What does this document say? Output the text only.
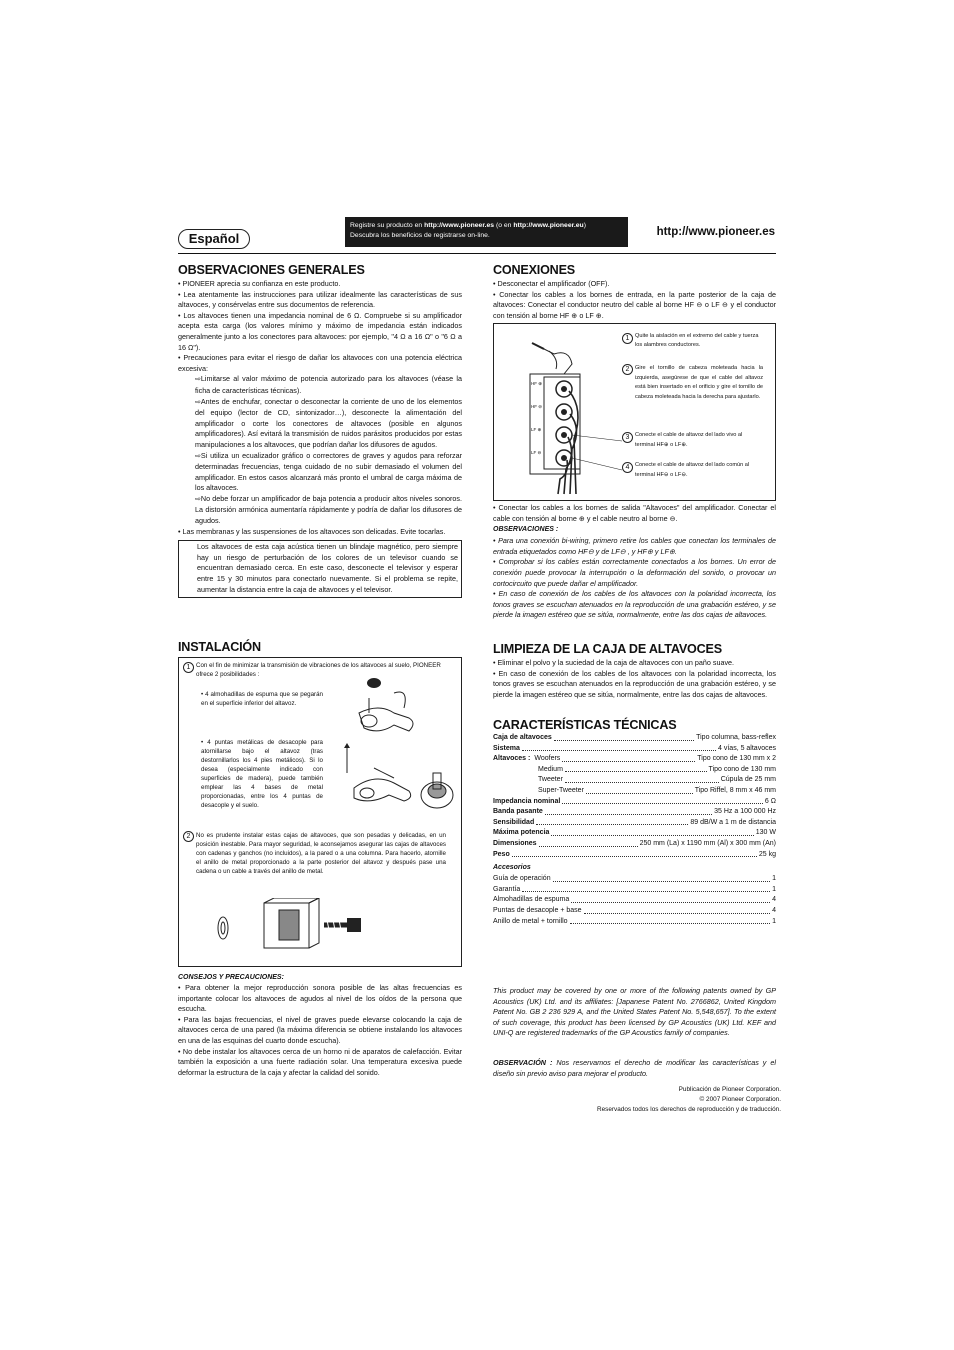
Español
Registre su producto en http://www.pioneer.es (o en http://www.pioneer.eu)
Descubra los beneficios de registrarse on-line.	http://www.pioneer.es
OBSERVACIONES GENERALES

• PIONEER aprecia su confianza en este producto.

• Lea atentamente las instrucciones para utilizar idealmente las características de sus altavoces, y consérvelas entre sus documentos de referencia.

• Los altavoces tienen una impedancia nominal de 6 Ω. Compruebe si su amplificador acepta esta carga (los valores mínimo y máximo de impedancia están indicados generalmente junto a los conectores para altavoces: por ejemplo, "4 Ω a 16 Ω" o "6 Ω a 16 Ω").

• Precauciones para evitar el riesgo de dañar los altavoces con una potencia eléctrica excesiva:

⇨Limitarse al valor máximo de potencia autorizado para los altavoces (véase la ficha de características técnicas).

⇨Antes de enchufar, conectar o desconectar la corriente de uno de los elementos del equipo (lector de CD, sintonizador…), desconecte la alimentación del amplificador o corte los conectores de altavoces (posible en algunos amplificadores). Así evitará la transmisión de ruidos parásitos producidos por estas manipulaciones a los altavoces, que podrían dañar los difusores de agudos.

⇨Si utiliza un ecualizador gráfico o correctores de graves y agudos para reforzar determinadas frecuencias, tenga cuidado de no subir demasiado el volumen del amplificador. En estos casos alcanzará más pronto el umbral de carga máxima de los altavoces.

⇨No debe forzar un amplificador de baja potencia a producir altos niveles sonoros. La distorsión armónica aumentaría rápidamente y podría de dañar los difusores de agudos.

• Las membranas y las suspensiones de los altavoces son delicadas. Evite tocarlas.

Los altavoces de esta caja acústica tienen un blindaje magnético, pero siempre hay un riesgo de perturbación de los colores de un televisor cuando se encuentran demasiado cerca. En este caso, desconecte el televisor y esperar entre 15 y 30 minutos para conectarlo nuevamente. Si el problema se repite, aumentar la distancia entre la caja de altavoces y el televisor.

INSTALACIÓN
1 Con el fin de minimizar la transmisión de vibraciones de los altavoces al suelo, PIONEER ofrece 2 posibilidades :
• 4 almohadillas de espuma que se pegarán en el superficie inferior del altavoz.
• 4 puntas metálicas de desacople para atornillarse bajo el altavoz (tras destornillarlos los 4 pies metálicos). Si lo desea (especialmente indicado con superficies de madera), puede también emplear las 4 bases de metal proporcionadas, entre los 4 puntas de desacople y el suelo.
2 No es prudente instalar estas cajas de altavoces, que son pesadas y delicadas, en un posición inestable. Para mayor seguridad, le aconsejamos asegurar las cajas de altavoces con cadenas y ganchos (no incluidos), a la pared o a una columna. Para hacerlo, atornille el anillo de metal proporcionado a la parte posterior del altavoz y después pase una cadena o un cable a través del anillo de metal.
CONSEJOS Y PRECAUCIONES:

• Para obtener la mejor reproducción sonora posible de las altas frecuencias es importante colocar los altavoces de agudos al nivel de los oídos de la persona que escucha.

• Para las bajas frecuencias, el nivel de graves puede elevarse colocando la caja de altavoces cerca de una pared (la máxima diferencia se obtiene instalando los altavoces en una de las esquinas del cuarto donde escucha).

• No debe instalar los altavoces cerca de un horno ni de aparatos de calefacción. Evitar también la exposición a una fuerte radiación solar. Una temperatura excesiva puede deformar la estructura de la caja y afectar la calidad del sonido.

CONEXIONES

• Desconectar el amplificador (OFF).

• Conectar los cables a los bornes de entrada, en la parte posterior de la caja de altavoces: Conectar el conductor neutro del cable al borne HF ⊖ o LF ⊖ y el conductor con tensión al borne HF ⊕ o LF ⊕.

HF ⊕
HF ⊖
LF ⊕
LF ⊖
1 Quite la aislación en el extremo del cable y tuerza los alambres conductores.
2 Gire el tornillo de cabeza moleteada hacia la izquierda, asegúrese de que el cable del altavoz está bien insertado en el orificio y gire el tornillo de cabeza moleteada hacia la derecha para ajustarlo.
3 Conecte el cable de altavoz del lado vivo al terminal HF⊕ o LF⊕.
4 Conecte el cable de altavoz del lado común al terminal HF⊖ o LF⊖.

• Conectar los cables a los bornes de salida "Altavoces" del amplificador. Conectar el cable con tensión al borne ⊕ y el cable neutro al borne ⊖.

OBSERVACIONES :

• Para una conexión bi-wiring, primero retire los cables que conectan los terminales de entrada etiquetados como HF⊖ y de LF⊖ , y HF⊕ y LF⊕.

• Comprobar si los cables están correctamente conectados a los bornes. Un error de conexión puede provocar la interrupción o la deformación del sonido, o provocar un cortocircuito que puede dañar el amplificador.

• En caso de conexión de los cables de los altavoces con la polaridad incorrecta, los tonos graves se escuchan atenuados en la reproducción de una grabación estéreo, y se pierde la imagen estéreo que se sitúa, normalmente, entre las dos cajas de altavoces.

LIMPIEZA DE LA CAJA DE ALTAVOCES

• Eliminar el polvo y la suciedad de la caja de altavoces con un paño suave.

• En caso de conexión de los cables de los altavoces con la polaridad incorrecta, los tonos graves se escuchan atenuados en la reproducción de una grabación estéreo, y se pierde la imagen estéreo que se sitúa, normalmente, entre las dos cajas de altavoces.

CARACTERÍSTICAS TÉCNICAS
Caja de altavoces	Tipo columna, bass-reflex
Sistema	4 vías, 5 altavoces
Altavoces : Woofers	Tipo cono de 130 mm x 2
Medium	Tipo cono de 130 mm
Tweeter	Cúpula de 25 mm
Super-Tweeter	Tipo Riffel, 8 mm x 46 mm
Impedancia nominal	6 Ω
Banda pasante	35 Hz a 100 000 Hz
Sensibilidad	89 dB/W a 1 m de distancia
Máxima potencia	130 W
Dimensiones	250 mm (La) x 1190 mm (Al) x 300 mm (An)
Peso	25 kg
Accesorios
Guía de operación	1
Garantía	1
Almohadillas de espuma	4
Puntas de desacople + base	4
Anillo de metal + tornillo	1
This product may be covered by one or more of the following patents owned by GP Acoustics (UK) Ltd. and its affiliates: [Japanese Patent No. 2766862, United Kingdom Patent No. GB 2 236 929 A, and the United States Patent No. 5,548,657]. To the extent of such coverage, this product has been licensed by GP Acoustics (UK) Ltd. KEF and UNI-Q are registered trademarks of the GP Acoustics family of companies.
OBSERVACIÓN : Nos reservamos el derecho de modificar las características y el diseño sin previo aviso para mejorar el producto.
Publicación de Pioneer Corporation.
© 2007 Pioneer Corporation.
Reservados todos los derechos de reproducción y de traducción.
